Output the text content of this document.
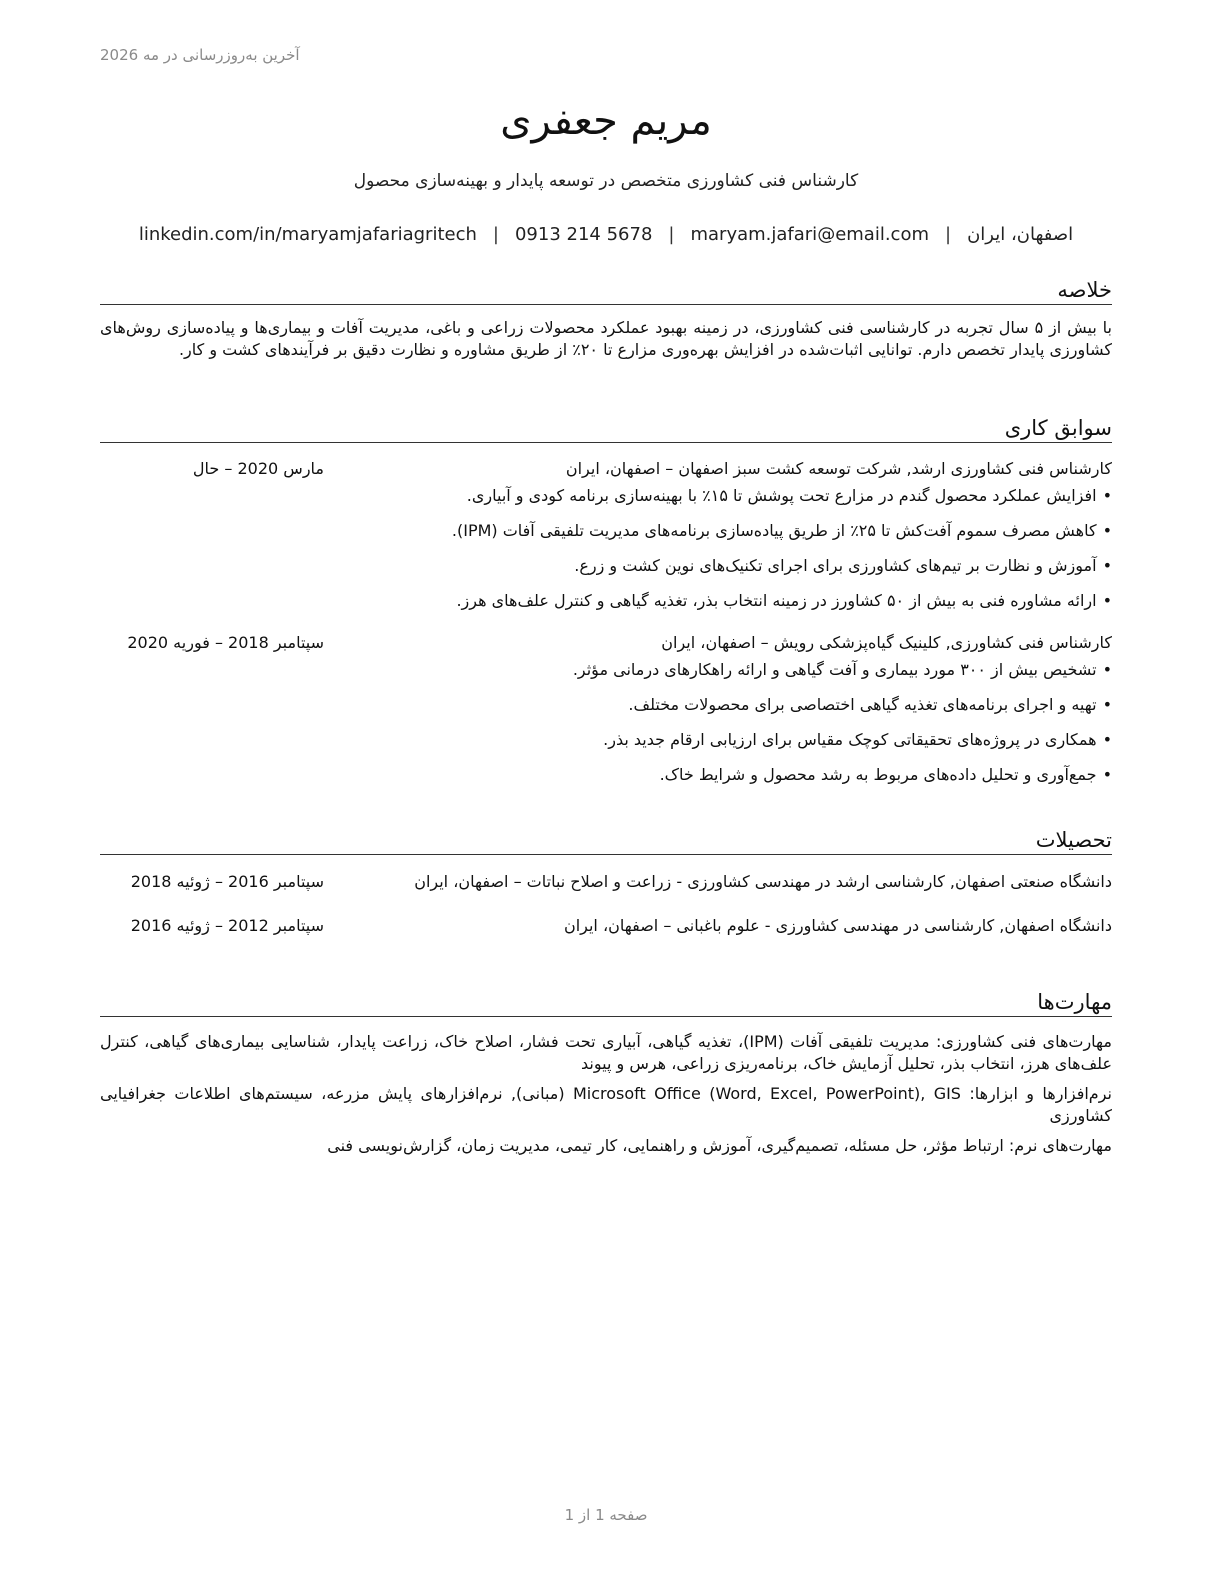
آخرین به‌روزرسانی در مه 2026
مریم جعفری
کارشناس فنی کشاورزی متخصص در توسعه پایدار و بهینه‌سازی محصول
اصفهان، ایران|maryam.jafari@email.com|0913 214 5678|linkedin.com/in/maryamjafariagritech
خلاصه

با بیش از ۵ سال تجربه در کارشناسی فنی کشاورزی، در زمینه بهبود عملکرد محصولات زراعی و باغی، مدیریت آفات و بیماری‌ها و پیاده‌سازی روش‌های کشاورزی پایدار تخصص دارم. توانایی اثبات‌شده در افزایش بهره‌وری مزارع تا ۲۰٪ از طریق مشاوره و نظارت دقیق بر فرآیندهای کشت و کار.

سوابق کاری
کارشناس فنی کشاورزی ارشد, شرکت توسعه کشت سبز اصفهان – اصفهان، ایران
مارس 2020 – حال
• افزایش عملکرد محصول گندم در مزارع تحت پوشش تا ۱۵٪ با بهینه‌سازی برنامه کودی و آبیاری.
• کاهش مصرف سموم آفت‌کش تا ۲۵٪ از طریق پیاده‌سازی برنامه‌های مدیریت تلفیقی آفات (IPM).
• آموزش و نظارت بر تیم‌های کشاورزی برای اجرای تکنیک‌های نوین کشت و زرع.
• ارائه مشاوره فنی به بیش از ۵۰ کشاورز در زمینه انتخاب بذر، تغذیه گیاهی و کنترل علف‌های هرز.
کارشناس فنی کشاورزی, کلینیک گیاه‌پزشکی رویش – اصفهان، ایران
سپتامبر 2018 – فوریه 2020
• تشخیص بیش از ۳۰۰ مورد بیماری و آفت گیاهی و ارائه راهکارهای درمانی مؤثر.
• تهیه و اجرای برنامه‌های تغذیه گیاهی اختصاصی برای محصولات مختلف.
• همکاری در پروژه‌های تحقیقاتی کوچک مقیاس برای ارزیابی ارقام جدید بذر.
• جمع‌آوری و تحلیل داده‌های مربوط به رشد محصول و شرایط خاک.
تحصیلات
دانشگاه صنعتی اصفهان, کارشناسی ارشد در مهندسی کشاورزی - زراعت و اصلاح نباتات – اصفهان، ایران
سپتامبر 2016 – ژوئیه 2018
دانشگاه اصفهان, کارشناسی در مهندسی کشاورزی - علوم باغبانی – اصفهان، ایران
سپتامبر 2012 – ژوئیه 2016
مهارت‌ها

مهارت‌های فنی کشاورزی: مدیریت تلفیقی آفات (IPM)، تغذیه گیاهی، آبیاری تحت فشار، اصلاح خاک، زراعت پایدار، شناسایی بیماری‌های گیاهی، کنترل علف‌های هرز، انتخاب بذر، تحلیل آزمایش خاک، برنامه‌ریزی زراعی، هرس و پیوند

نرم‌افزارها و ابزارها: Microsoft Office (Word, Excel, PowerPoint), GIS (مبانی), نرم‌افزارهای پایش مزرعه، سیستم‌های اطلاعات جغرافیایی کشاورزی

مهارت‌های نرم: ارتباط مؤثر، حل مسئله، تصمیم‌گیری، آموزش و راهنمایی، کار تیمی، مدیریت زمان، گزارش‌نویسی فنی

صفحه 1 از 1
